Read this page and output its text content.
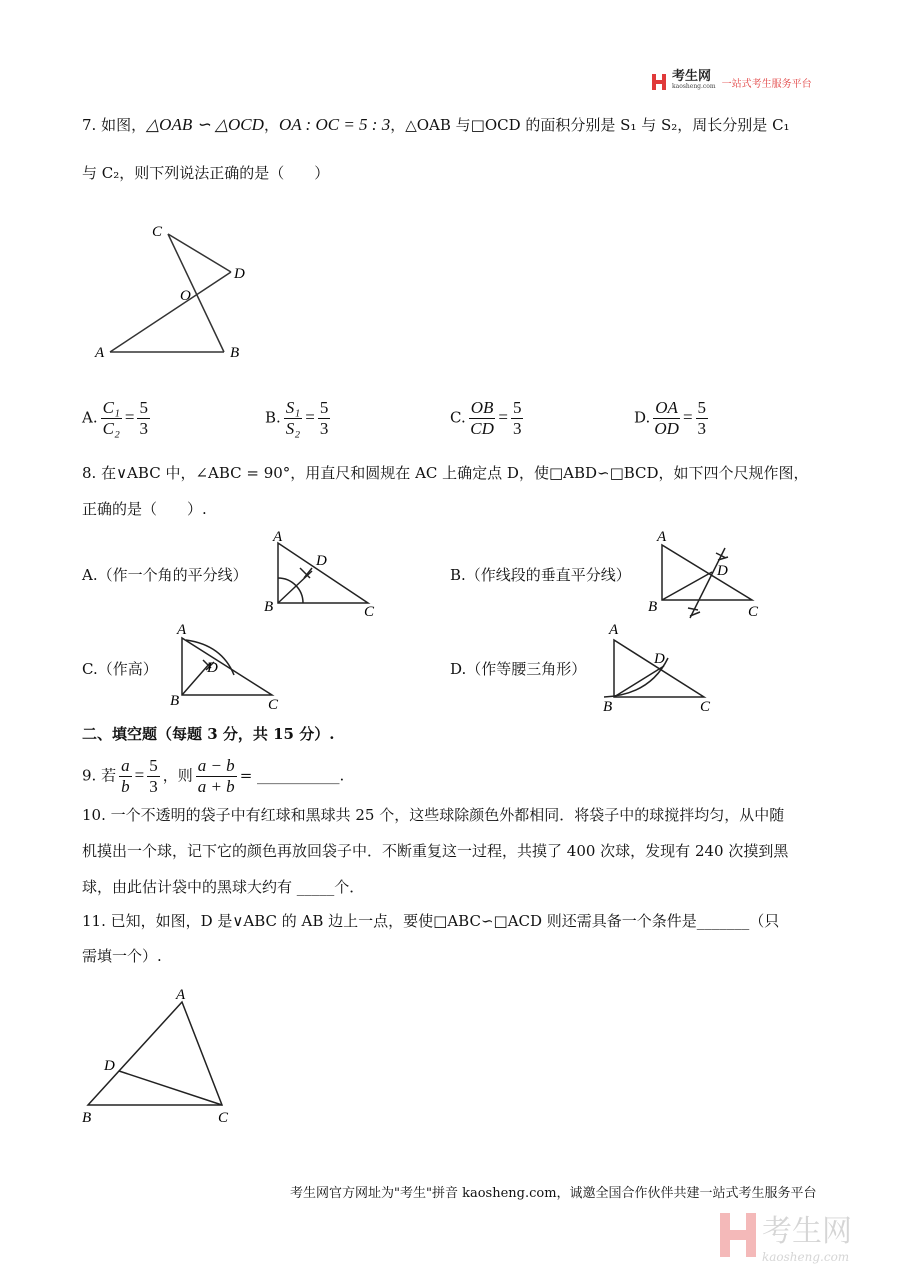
考生网
kaosheng.com 一站式考生服务平台
7. 如图，△OAB ∽ △OCD，OA : OC = 5 : 3，△OAB 与□OCD 的面积分别是 S₁ 与 S₂，周长分别是 C₁
与 C₂，则下列说法正确的是（　　）
C
D
O
A	B
A. $\frac{\text{C₁}}{\text{C₂}} = \frac{5}{3}$	B. $\frac{\text{S₁}}{\text{S₂}} = \frac{5}{3}$	C. $\frac{OB}{CD} = \frac{5}{3}$	D. $\frac{OA}{OD} = \frac{5}{3}$
8. 在∨ABC 中，∠ABC = 90°，用直尺和圆规在 AC 上确定点 D，使□ABD∽□BCD，如下四个尺规作图，
正确的是（　　）.
A.（作一个角的平分线）
A
D
B	C
B.（作线段的垂直平分线）
A
D
B	C
C.（作高）
A
D
B	C
D.（作等腰三角形）
A
D
B	C
二、填空题（每题 3 分，共 15 分）.
9. 若 $\frac{a}{b} = \frac{5}{3}$ ，则 $\frac{a - b}{a + b}$ = ___________.
10. 一个不透明的袋子中有红球和黑球共 25 个，这些球除颜色外都相同．将袋子中的球搅拌均匀，从中随
机摸出一个球，记下它的颜色再放回袋子中．不断重复这一过程，共摸了 400 次球，发现有 240 次摸到黑
球，由此估计袋中的黑球大约有 _____个．
11. 已知，如图，D 是∨ABC 的 AB 边上一点，要使□ABC∽□ACD 则还需具备一个条件是_______（只
需填一个）.
A
D
B	C
考生网官方网址为"考生"拼音 kaosheng.com，诚邀全国合作伙伴共建一站式考生服务平台
考生网
kaosheng.com
